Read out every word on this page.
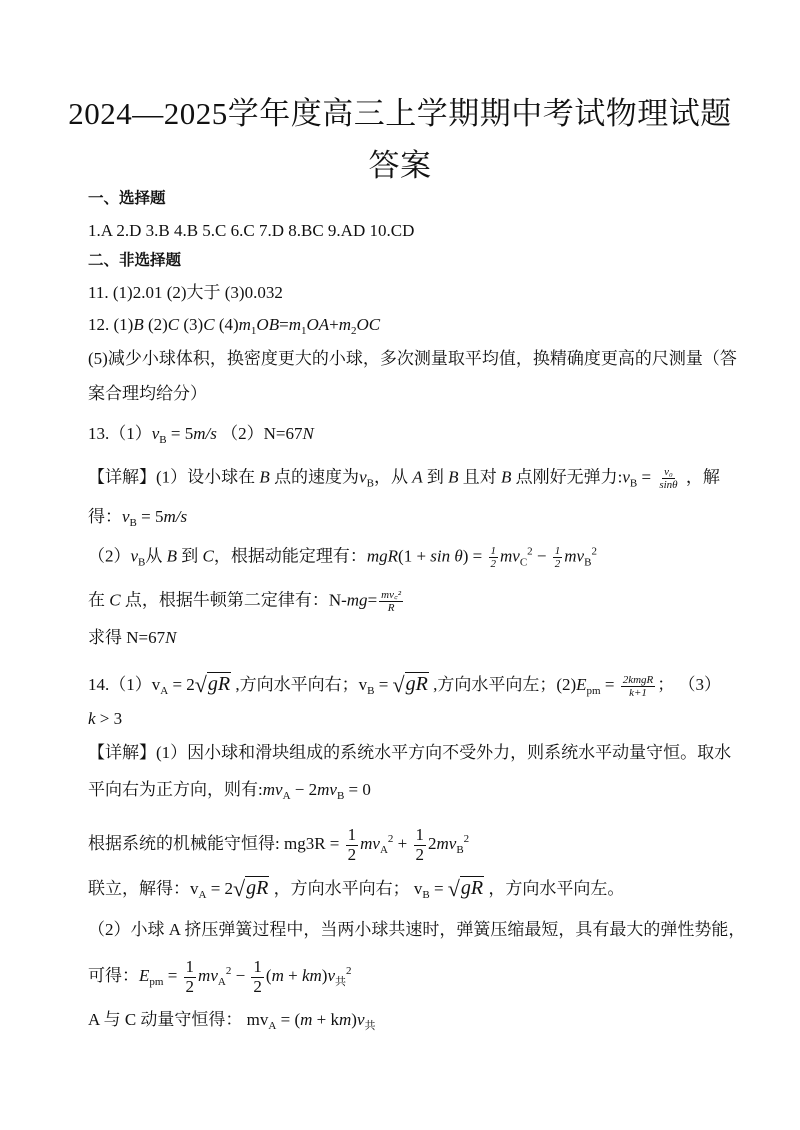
2024—2025学年度高三上学期期中考试物理试题
答案
一、选择题
1.A 2.D 3.B 4.B 5.C 6.C 7.D 8.BC 9.AD 10.CD
二、非选择题
11. (1)2.01 (2)大于 (3)0.032
12. (1)B (2)C (3)C $(4)m_1OB=m_1OA+m_2OC$
(5)减少小球体积，换密度更大的小球，多次测量取平均值，换精确度更高的尺测量（答
案合理均给分）
$13.(1)v_B = 5m/s$ （2）N=67N
【详解】(1）设小球在 B 点的速度为$v_B$，从 A 到 B 且对 B 点刚好无弹力$:v_B = \frac{\text{v₀}}{\sin\theta}$ ，解
得：$v_B = 5m/s$
$(2)v_B$从 B 到 C，根据动能定理有：$mgR(1 + \sin \theta) = \frac{1}{2} mv_C^2 - \frac{1}{2} mv_B^2$
在 C 点，根据牛顿第二定律有：$N-mg= \frac{\text{mv꜀²}}{R}$
求得 N=67N
$14.(1)v_A = 2√gR$ ,方向水平向右；$v_B = √gR$ ,方向水平向左；$(2)E_{pm} = \frac{\text{2kmgR}}{k+1}$ ； （3）
k > 3
【详解】(1）因小球和滑块组成的系统水平方向不受外力，则系统水平动量守恒。取水
平向右为正方向，则有$:mv_A - 2mv_B = 0$
根据系统的机械能守恒得: $mg3R = \frac{1}{2} mv_A^2 + \frac{1}{2} 2mv_B^2$
联立，解得：$v_A = 2√gR$ ，方向水平向右； $v_B = √gR$ ，方向水平向左。
（2）小球 A 挤压弹簧过程中，当两小球共速时，弹簧压缩最短，具有最大的弹性势能，
可得：$E_{pm} = \frac{1}{2} mv_A^2 - \frac{1}{2} (m + km)v_共^2$
A 与 C 动量守恒得： $mv_A = (m + km)v_共$
